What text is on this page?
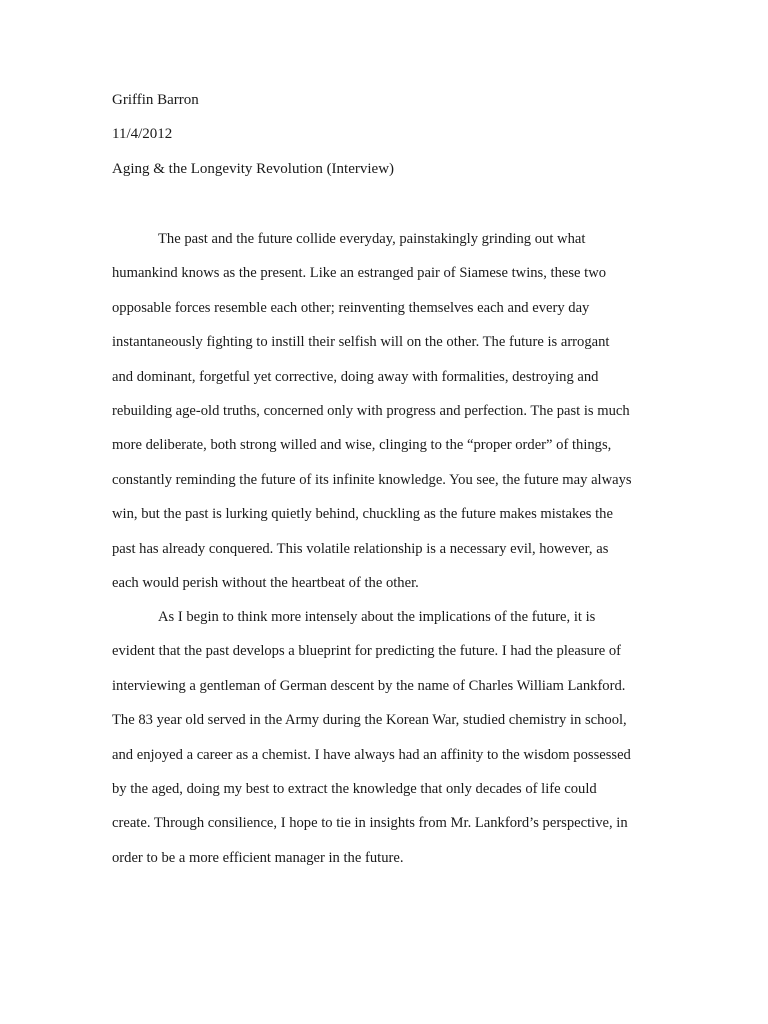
Griffin Barron
11/4/2012
Aging & the Longevity Revolution (Interview)
The past and the future collide everyday, painstakingly grinding out what
humankind knows as the present. Like an estranged pair of Siamese twins, these two
opposable forces resemble each other; reinventing themselves each and every day
instantaneously fighting to instill their selfish will on the other. The future is arrogant
and dominant, forgetful yet corrective, doing away with formalities, destroying and
rebuilding age-old truths, concerned only with progress and perfection. The past is much
more deliberate, both strong willed and wise, clinging to the “proper order” of things,
constantly reminding the future of its infinite knowledge. You see, the future may always
win, but the past is lurking quietly behind, chuckling as the future makes mistakes the
past has already conquered. This volatile relationship is a necessary evil, however, as
each would perish without the heartbeat of the other.
As I begin to think more intensely about the implications of the future, it is
evident that the past develops a blueprint for predicting the future. I had the pleasure of
interviewing a gentleman of German descent by the name of Charles William Lankford.
The 83 year old served in the Army during the Korean War, studied chemistry in school,
and enjoyed a career as a chemist. I have always had an affinity to the wisdom possessed
by the aged, doing my best to extract the knowledge that only decades of life could
create. Through consilience, I hope to tie in insights from Mr. Lankford’s perspective, in
order to be a more efficient manager in the future.
